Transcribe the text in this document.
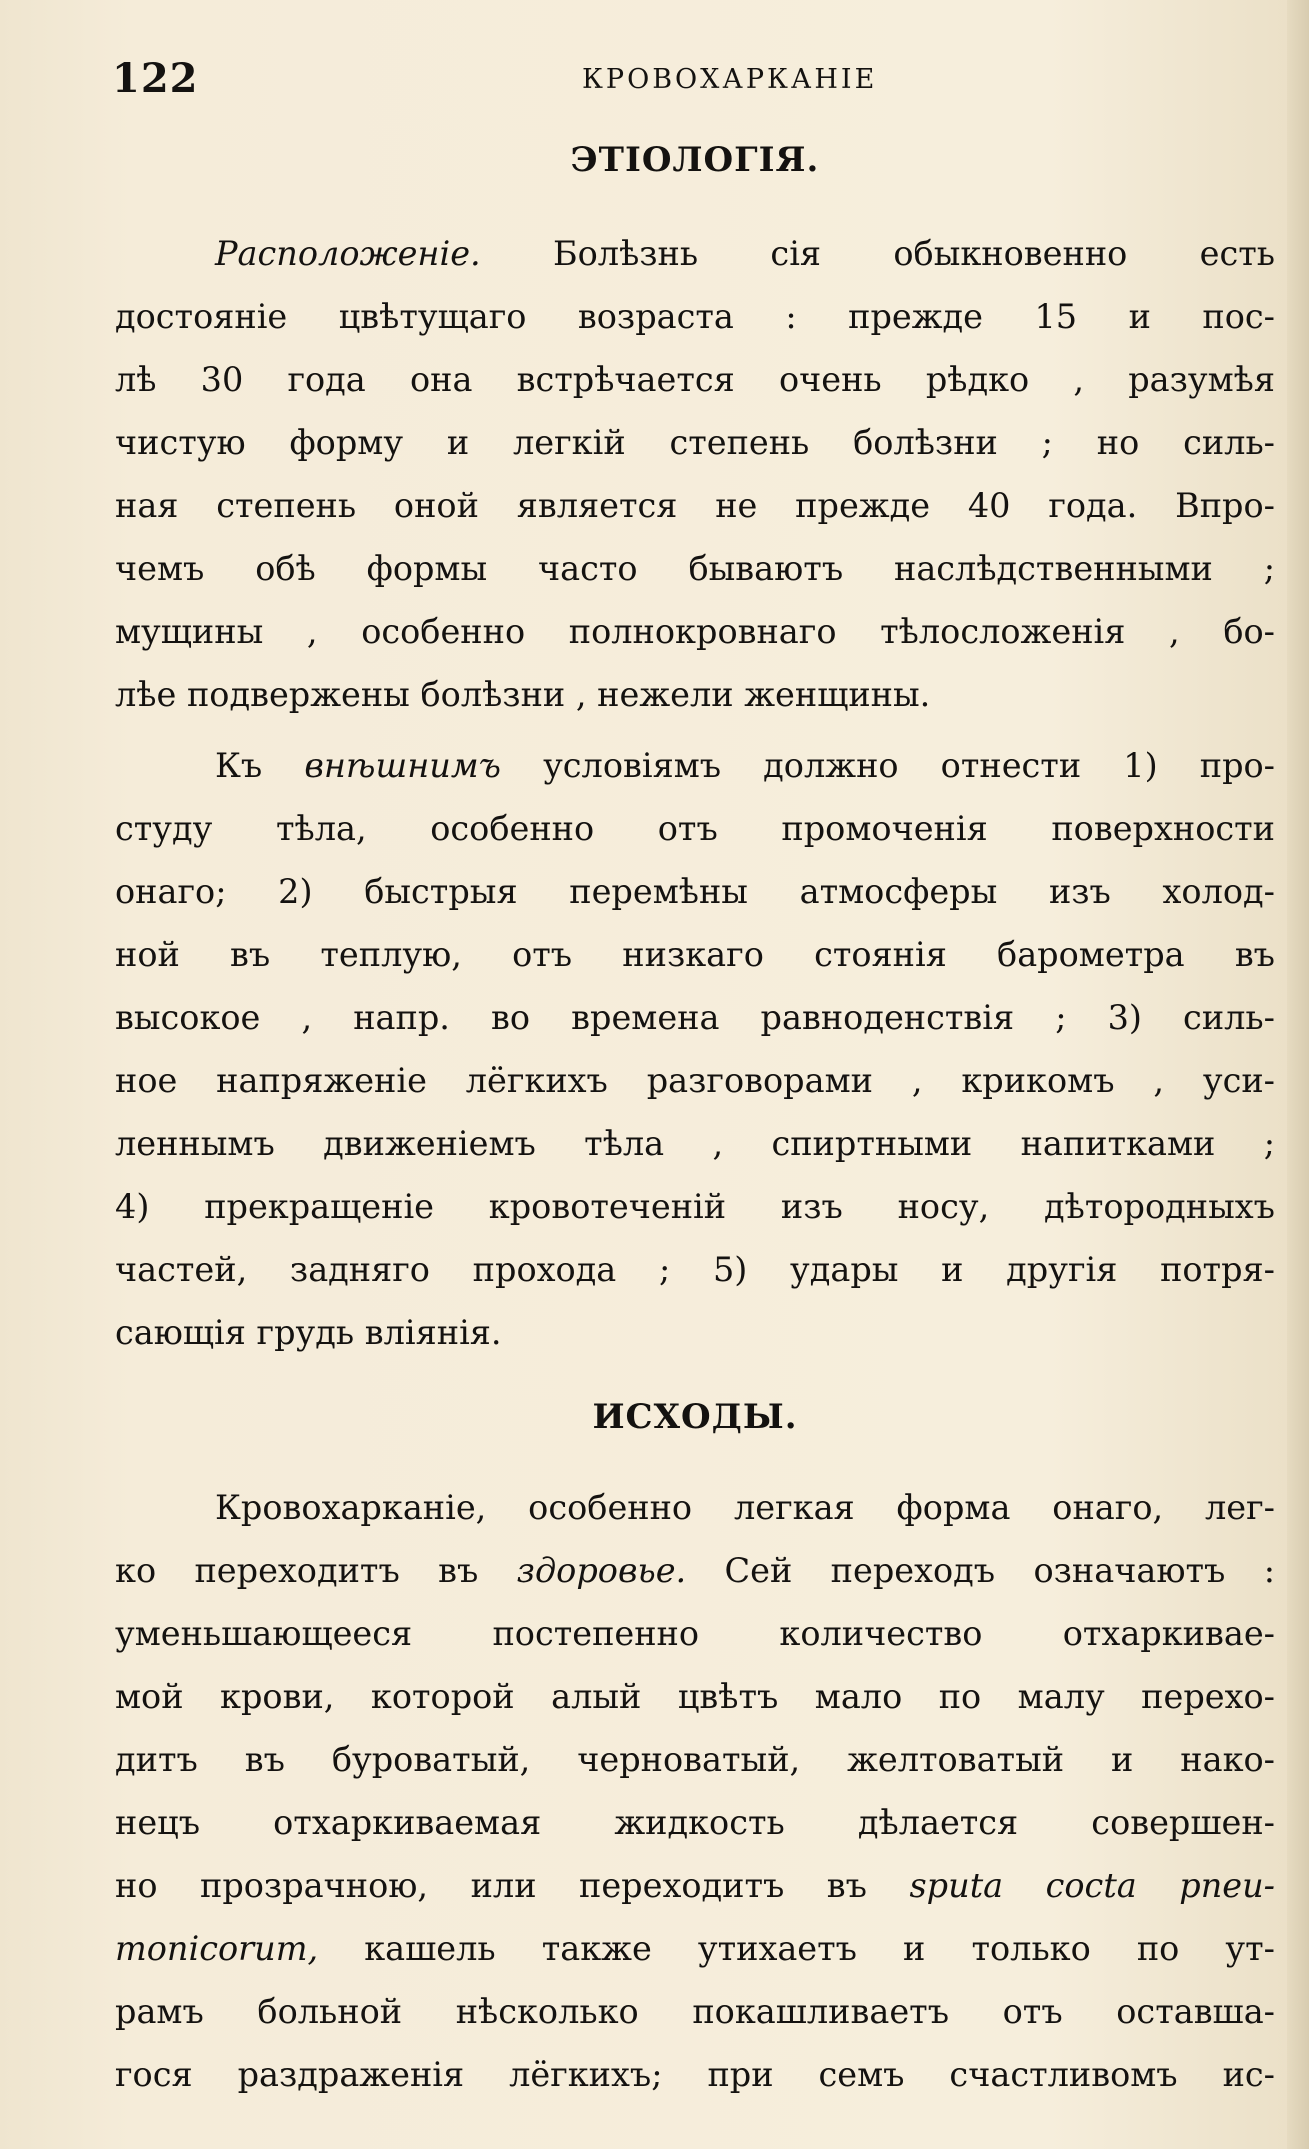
122	КРОВОХАРКАНІЕ
ЭТІОЛОГІЯ.
Расположеніе. Болѣзнь сія обыкновенно есть
достояніе цвѣтущаго возраста : прежде 15 и пос-
лѣ 30 года она встрѣчается очень рѣдко , разумѣя
чистую форму и легкій степень болѣзни ; но силь-
ная степень оной является не прежде 40 года. Впро-
чемъ обѣ формы часто бываютъ наслѣдственными ;
мущины , особенно полнокровнаго тѣлосложенія , бо-
лѣе подвержены болѣзни , нежели женщины.
Къ внѣшнимъ условіямъ должно отнести 1) про-
студу тѣла, особенно отъ промоченія поверхности
онаго; 2) быстрыя перемѣны атмосферы изъ холод-
ной въ теплую, отъ низкаго стоянія барометра въ
высокое , напр. во времена равноденствія ; 3) силь-
ное напряженіе лёгкихъ разговорами , крикомъ , уси-
леннымъ движеніемъ тѣла , спиртными напитками ;
4) прекращеніе кровотеченій изъ носу, дѣтородныхъ
частей, задняго прохода ; 5) удары и другія потря-
сающія грудь вліянія.
ИСХОДЫ.
Кровохарканіе, особенно легкая форма онаго, лег-
ко переходитъ въ здоровье. Сей переходъ означаютъ :
уменьшающееся постепенно количество отхаркивае-
мой крови, которой алый цвѣтъ мало по малу перехо-
дитъ въ буроватый, черноватый, желтоватый и нако-
нецъ отхаркиваемая жидкость дѣлается совершен-
но прозрачною, или переходитъ въ sputa cocta pneu-
monicorum, кашель также утихаетъ и только по ут-
рамъ больной нѣсколько покашливаетъ отъ оставша-
гося раздраженія лёгкихъ; при семъ счастливомъ ис-
